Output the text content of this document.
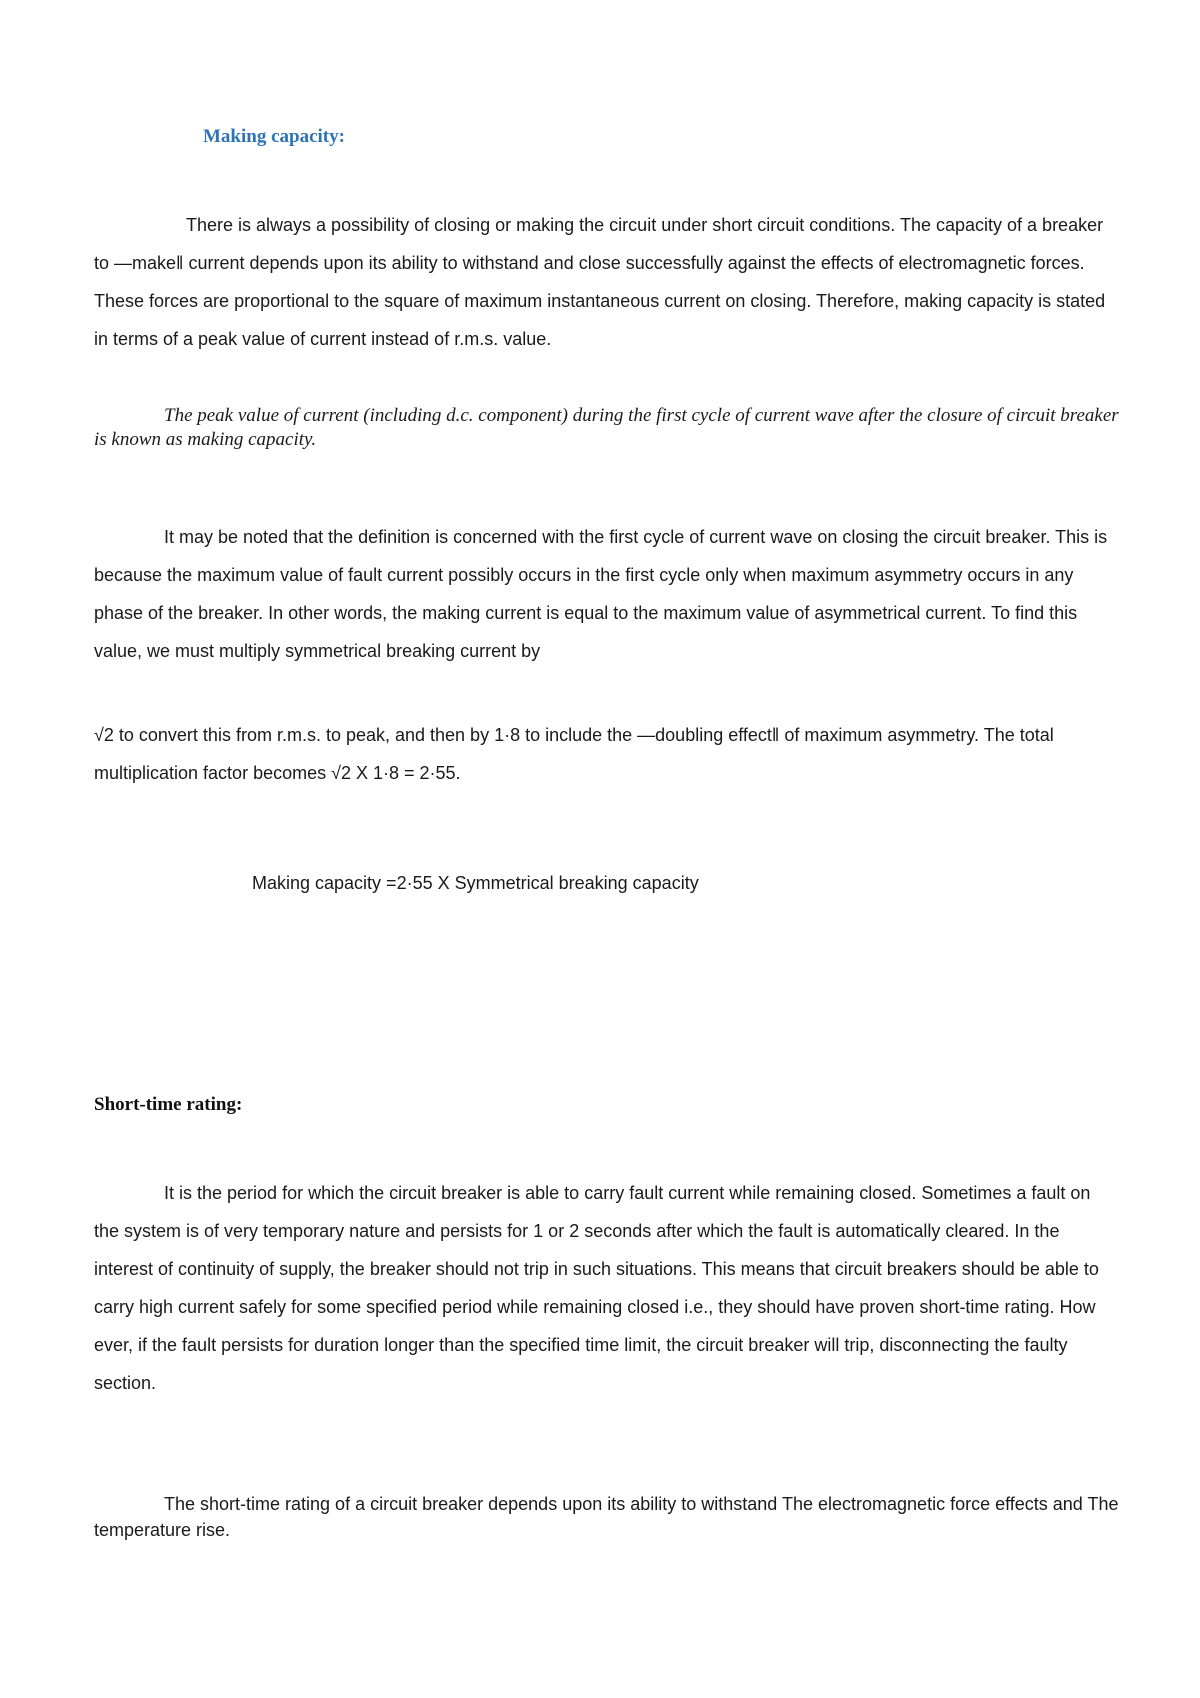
Making capacity:

There is always a possibility of closing or making the circuit under short circuit conditions. The capacity of a breaker to ―make‖ current depends upon its ability to withstand and close successfully against the effects of electromagnetic forces. These forces are proportional to the square of maximum instantaneous current on closing. Therefore, making capacity is stated in terms of a peak value of current instead of r.m.s. value.

The peak value of current (including d.c. component) during the first cycle of current wave after the closure of circuit breaker is known as making capacity.

It may be noted that the definition is concerned with the first cycle of current wave on closing the circuit breaker. This is because the maximum value of fault current possibly occurs in the first cycle only when maximum asymmetry occurs in any phase of the breaker. In other words, the making current is equal to the maximum value of asymmetrical current. To find this value, we must multiply symmetrical breaking current by

√2 to convert this from r.m.s. to peak, and then by 1·8 to include the ―doubling effect‖ of maximum asymmetry. The total multiplication factor becomes √2 X 1·8 = 2·55.

Making capacity =2·55 X Symmetrical breaking capacity

Short-time rating:

It is the period for which the circuit breaker is able to carry fault current while remaining closed. Sometimes a fault on the system is of very temporary nature and persists for 1 or 2 seconds after which the fault is automatically cleared. In the interest of continuity of supply, the breaker should not trip in such situations. This means that circuit breakers should be able to carry high current safely for some specified period while remaining closed i.e., they should have proven short-time rating. How ever, if the fault persists for duration longer than the specified time limit, the circuit breaker will trip, disconnecting the faulty section.

The short-time rating of a circuit breaker depends upon its ability to withstand The electromagnetic force effects and The temperature rise.
